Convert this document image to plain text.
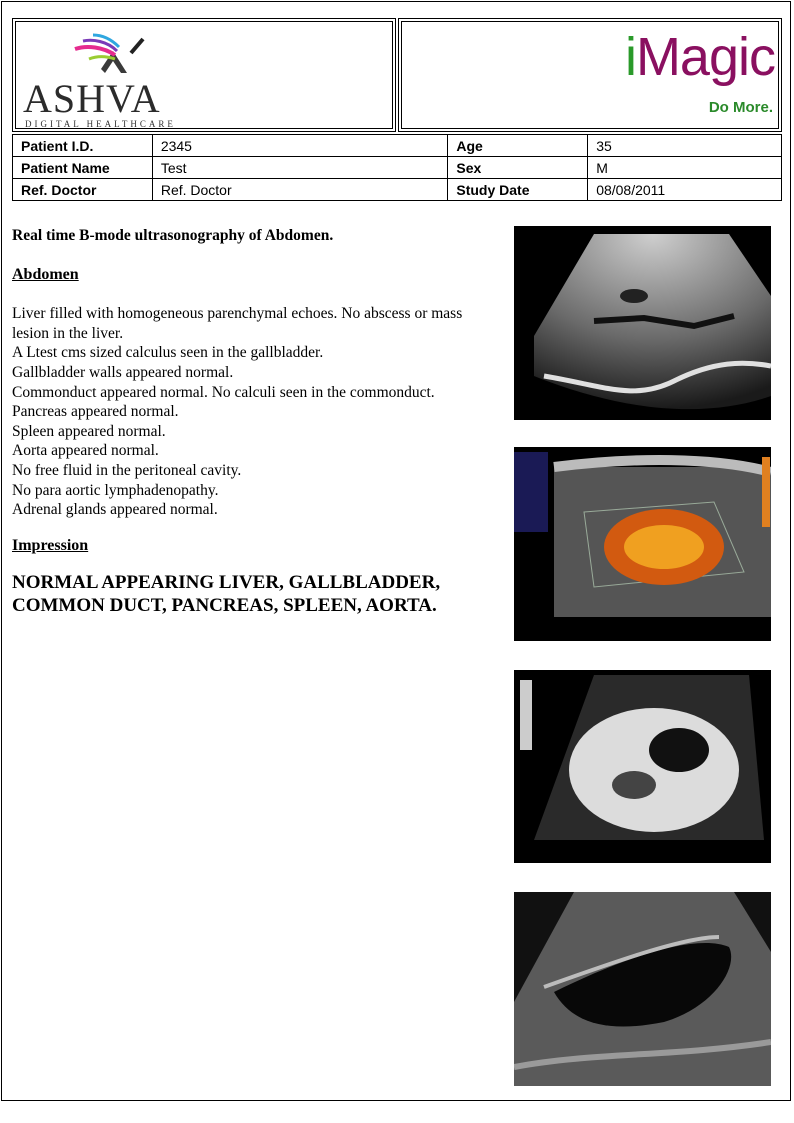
ASHVA
DIGITAL HEALTHCARE
iMagic
Do More.
Patient I.D.	2345	Age	35
Patient Name	Test	Sex	M
Ref. Doctor	Ref. Doctor	Study Date	08/08/2011

Real time B-mode ultrasonography of Abdomen.

Abdomen

Liver filled with homogeneous parenchymal echoes. No abscess or mass lesion in the liver.

A Ltest cms sized calculus seen in the gallbladder.

Gallbladder walls appeared normal.

Commonduct appeared normal. No calculi seen in the commonduct.

Pancreas appeared normal.

Spleen appeared normal.

Aorta appeared normal.

No free fluid in the peritoneal cavity.

No para aortic lymphadenopathy.

Adrenal glands appeared normal.

Impression

NORMAL APPEARING LIVER, GALLBLADDER,

COMMON DUCT, PANCREAS, SPLEEN, AORTA.
